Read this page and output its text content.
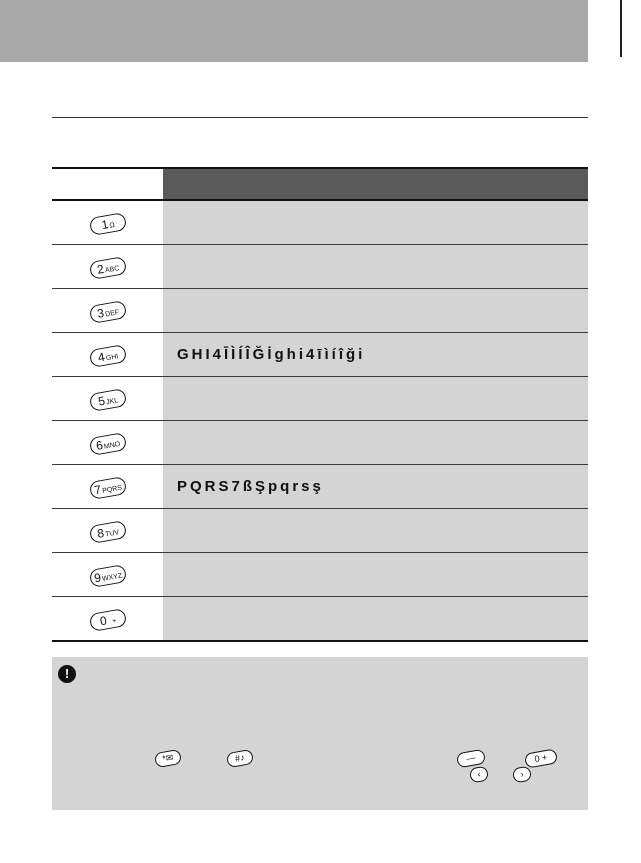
1Ω	
2ABC	
3DEF	
4GHI	GHI4ĪÌÍÎĞİghi4īìíîği
5JKL	
6MNO	
7PQRS	PQRS7ßŞpqrsş
8TUV	
9WXYZ	
0 +	
!
*✉	#♪	—	0 +
‹	›
